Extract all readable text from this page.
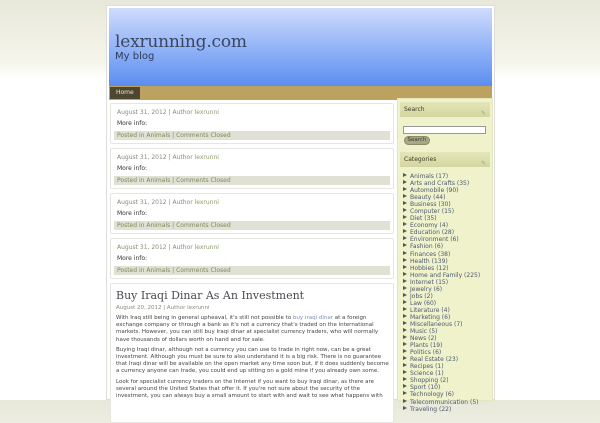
lexrunning.com
My blog
Home
August 31, 2012 | Author lexrunni
More info:
Posted in Animals | Comments Closed
August 31, 2012 | Author lexrunni
More info:
Posted in Animals | Comments Closed
August 31, 2012 | Author lexrunni
More info:
Posted in Animals | Comments Closed
August 31, 2012 | Author lexrunni
More info:
Posted in Animals | Comments Closed
Buy Iraqi Dinar As An Investment
August 20, 2012 | Author lexrunni

With Iraq still being in general upheaval, it's still not possible to buy iraqi dinar at a foreign exchange company or through a bank as it's not a currency that's traded on the international markets. However, you can still buy Iraqi dinar at specialist currency traders, who will normally have thousands of dollars worth on hand and for sale.

Buying Iraqi dinar, although not a currency you can use to trade in right now, can be a great investment. Although you must be sure to also understand it is a big risk. There is no guarantee that Iraqi dinar will be available on the open market any time soon but, if it does suddenly become a currency anyone can trade, you could end up sitting on a gold mine if you already own some.

Look for specialist currency traders on the Internet if you want to buy Iraqi dinar, as there are several around the United States that offer it. If you're not sure about the security of the investment, you can always buy a small amount to start with and wait to see what happens with

Search
✎
Search
Categories
✎
Animals (17)
Arts and Crafts (35)
Automobile (90)
Beauty (44)
Business (30)
Computer (15)
Diet (35)
Economy (4)
Education (28)
Environment (6)
Fashion (6)
Finances (38)
Health (139)
Hobbies (12)
Home and Family (225)
Internet (15)
Jewelry (6)
Jobs (2)
Law (60)
Literature (4)
Marketing (6)
Miscellaneous (7)
Music (5)
News (2)
Plants (19)
Politics (6)
Real Estate (23)
Recipes (1)
Science (1)
Shopping (2)
Sport (10)
Technology (6)
Telecommunication (5)
Traveling (22)
